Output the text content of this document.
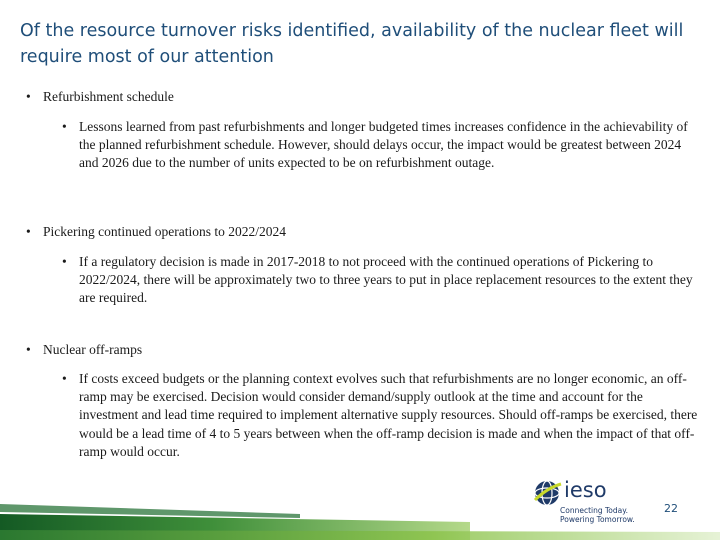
Of the resource turnover risks identified, availability of the nuclear fleet will require most of our attention
• Refurbishment schedule
• Lessons learned from past refurbishments and longer budgeted times increases confidence in the achievability of the planned refurbishment schedule. However, should delays occur, the impact would be greatest between 2024 and 2026 due to the number of units expected to be on refurbishment outage.
• Pickering continued operations to 2022/2024
• If a regulatory decision is made in 2017-2018 to not proceed with the continued operations of Pickering to 2022/2024, there will be approximately two to three years to put in place replacement resources to the extent they are required.
• Nuclear off-ramps
• If costs exceed budgets or the planning context evolves such that refurbishments are no longer economic, an off-ramp may be exercised. Decision would consider demand/supply outlook at the time and account for the investment and lead time required to implement alternative supply resources. Should off-ramps be exercised, there would be a lead time of 4 to 5 years between when the off-ramp decision is made and when the impact of that off-ramp would occur.
ieso
Connecting Today.
Powering Tomorrow.
22
